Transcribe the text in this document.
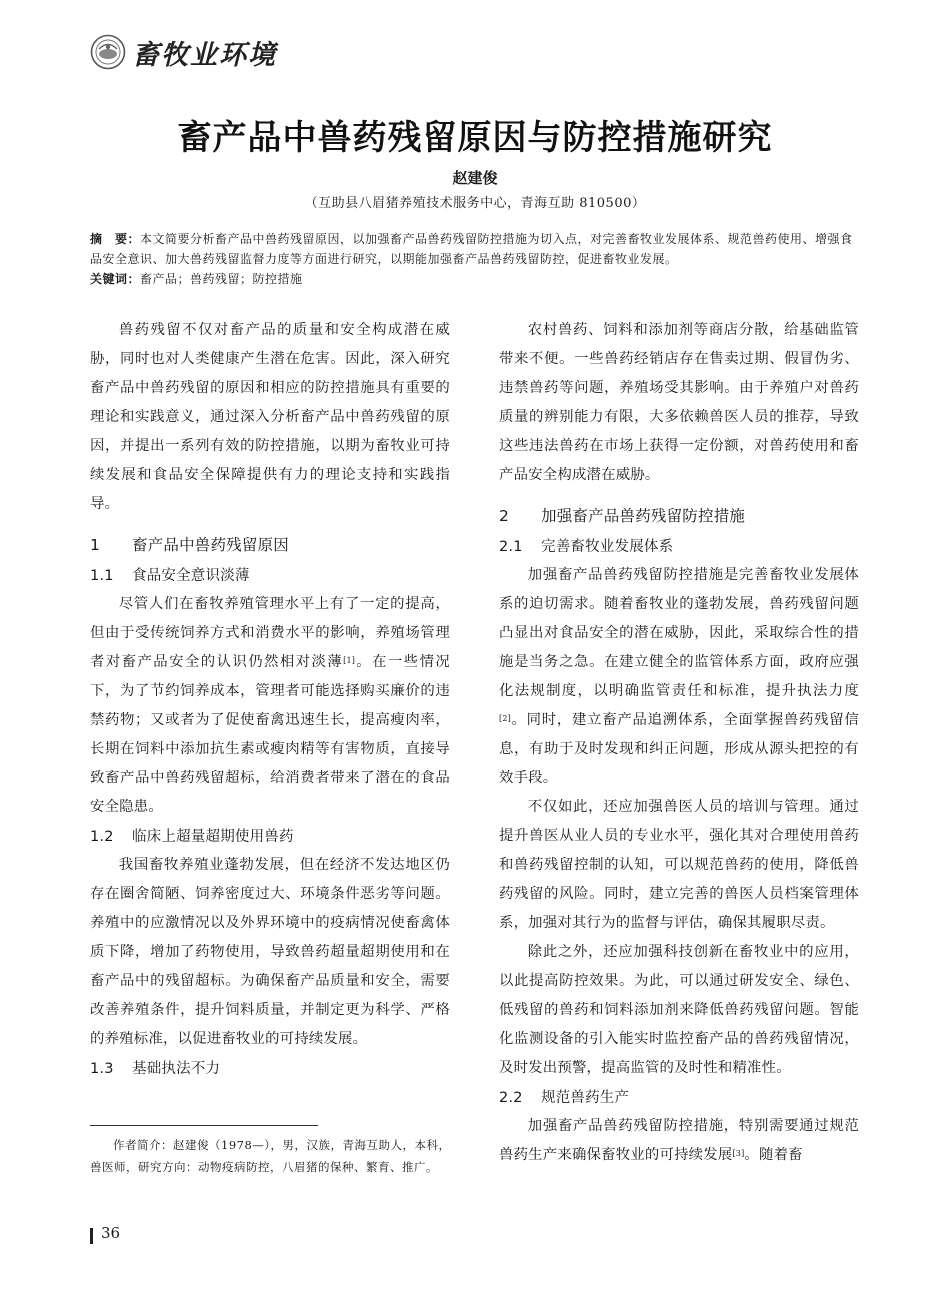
畜牧业环境
畜产品中兽药残留原因与防控措施研究
赵建俊
（互助县八眉猪养殖技术服务中心，青海互助 810500）
摘　要：本文简要分析畜产品中兽药残留原因，以加强畜产品兽药残留防控措施为切入点，对完善畜牧业发展体系、规范兽药使用、增强食品安全意识、加大兽药残留监督力度等方面进行研究，以期能加强畜产品兽药残留防控，促进畜牧业发展。
关键词：畜产品；兽药残留；防控措施

兽药残留不仅对畜产品的质量和安全构成潜在威胁，同时也对人类健康产生潜在危害。因此，深入研究畜产品中兽药残留的原因和相应的防控措施具有重要的理论和实践意义，通过深入分析畜产品中兽药残留的原因，并提出一系列有效的防控措施，以期为畜牧业可持续发展和食品安全保障提供有力的理论支持和实践指导。

1 畜产品中兽药残留原因
1.1 食品安全意识淡薄

尽管人们在畜牧养殖管理水平上有了一定的提高，但由于受传统饲养方式和消费水平的影响，养殖场管理者对畜产品安全的认识仍然相对淡薄[1]。在一些情况下，为了节约饲养成本，管理者可能选择购买廉价的违禁药物；又或者为了促使畜禽迅速生长，提高瘦肉率，长期在饲料中添加抗生素或瘦肉精等有害物质，直接导致畜产品中兽药残留超标，给消费者带来了潜在的食品安全隐患。

1.2 临床上超量超期使用兽药

我国畜牧养殖业蓬勃发展，但在经济不发达地区仍存在圈舍简陋、饲养密度过大、环境条件恶劣等问题。养殖中的应激情况以及外界环境中的疫病情况使畜禽体质下降，增加了药物使用，导致兽药超量超期使用和在畜产品中的残留超标。为确保畜产品质量和安全，需要改善养殖条件，提升饲料质量，并制定更为科学、严格的养殖标准，以促进畜牧业的可持续发展。

1.3 基础执法不力

农村兽药、饲料和添加剂等商店分散，给基础监管带来不便。一些兽药经销店存在售卖过期、假冒伪劣、违禁兽药等问题，养殖场受其影响。由于养殖户对兽药质量的辨别能力有限，大多依赖兽医人员的推荐，导致这些违法兽药在市场上获得一定份额，对兽药使用和畜产品安全构成潜在威胁。

2 加强畜产品兽药残留防控措施
2.1 完善畜牧业发展体系

加强畜产品兽药残留防控措施是完善畜牧业发展体系的迫切需求。随着畜牧业的蓬勃发展，兽药残留问题凸显出对食品安全的潜在威胁，因此，采取综合性的措施是当务之急。在建立健全的监管体系方面，政府应强化法规制度，以明确监管责任和标准，提升执法力度[2]。同时，建立畜产品追溯体系，全面掌握兽药残留信息，有助于及时发现和纠正问题，形成从源头把控的有效手段。

不仅如此，还应加强兽医人员的培训与管理。通过提升兽医从业人员的专业水平，强化其对合理使用兽药和兽药残留控制的认知，可以规范兽药的使用，降低兽药残留的风险。同时，建立完善的兽医人员档案管理体系，加强对其行为的监督与评估，确保其履职尽责。

除此之外，还应加强科技创新在畜牧业中的应用，以此提高防控效果。为此，可以通过研发安全、绿色、低残留的兽药和饲料添加剂来降低兽药残留问题。智能化监测设备的引入能实时监控畜产品的兽药残留情况，及时发出预警，提高监管的及时性和精准性。

2.2 规范兽药生产

加强畜产品兽药残留防控措施，特别需要通过规范兽药生产来确保畜牧业的可持续发展[3]。随着畜

作者简介：赵建俊（1978—），男，汉族，青海互助人，本科，兽医师，研究方向：动物疫病防控，八眉猪的保种、繁育、推广。
36
